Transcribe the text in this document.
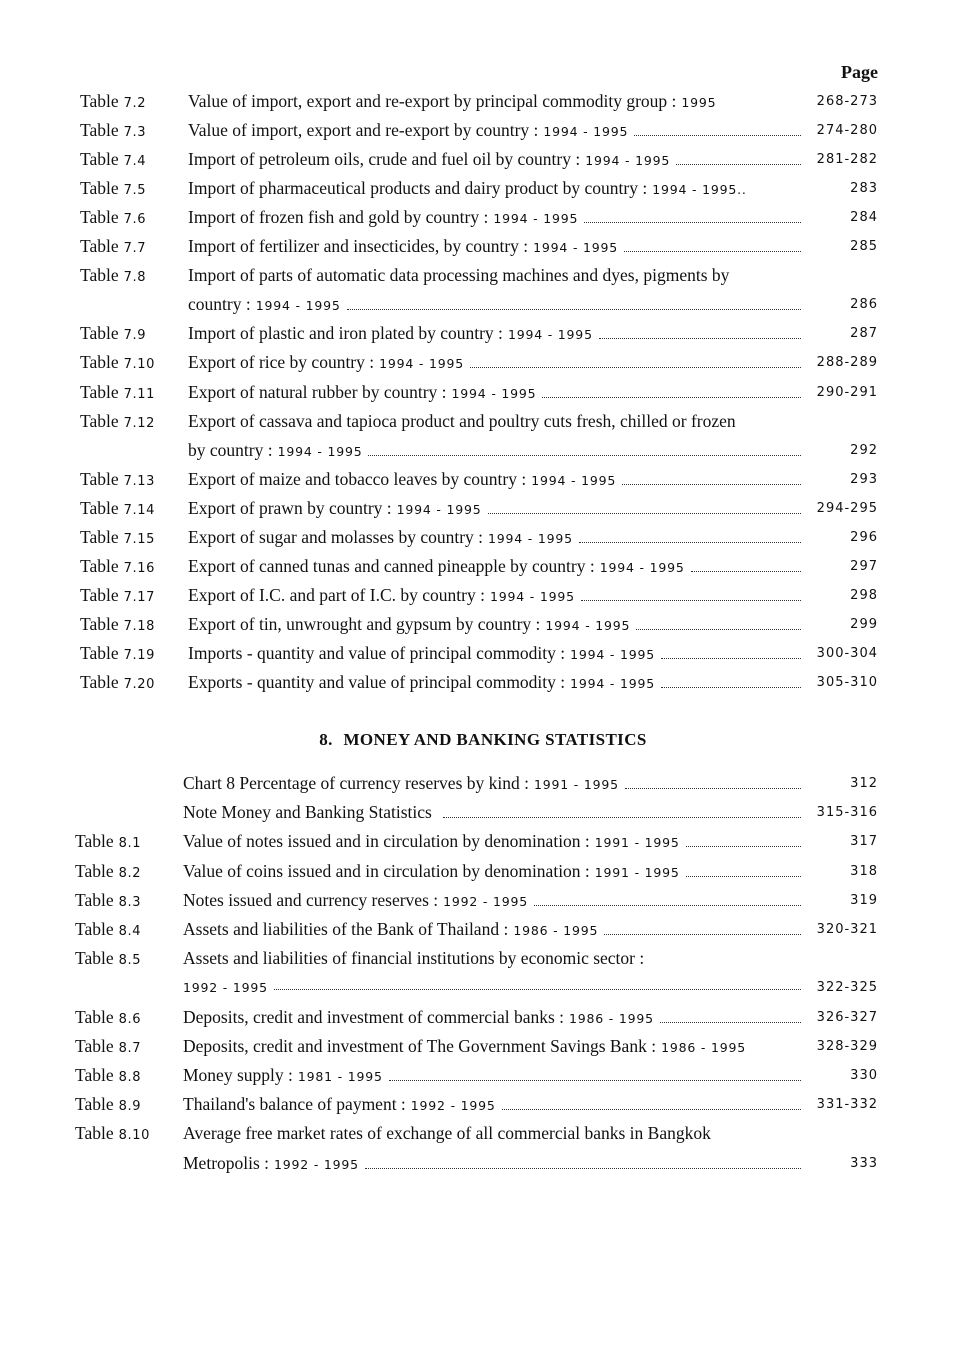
Page
Table 7.2	Value of import, export and re-export by principal commodity group : 1995	268-273
Table 7.3	Value of import, export and re-export by country : 1994 - 1995	274-280
Table 7.4	Import of petroleum oils, crude and fuel oil by country : 1994 - 1995	281-282
Table 7.5	Import of pharmaceutical products and dairy product by country : 1994 - 1995..	283
Table 7.6	Import of frozen fish and gold by country : 1994 - 1995	284
Table 7.7	Import of fertilizer and insecticides, by country : 1994 - 1995	285
Table 7.8	Import of parts of automatic data processing machines and dyes, pigments by
country : 1994 - 1995	286
Table 7.9	Import of plastic and iron plated by country : 1994 - 1995	287
Table 7.10	Export of rice by country : 1994 - 1995	288-289
Table 7.11	Export of natural rubber by country : 1994 - 1995	290-291
Table 7.12	Export of cassava and tapioca product and poultry cuts fresh, chilled or frozen
by country : 1994 - 1995	292
Table 7.13	Export of maize and tobacco leaves by country : 1994 - 1995	293
Table 7.14	Export of prawn by country : 1994 - 1995	294-295
Table 7.15	Export of sugar and molasses by country : 1994 - 1995	296
Table 7.16	Export of canned tunas and canned pineapple by country : 1994 - 1995	297
Table 7.17	Export of I.C. and part of I.C. by country : 1994 - 1995	298
Table 7.18	Export of tin, unwrought and gypsum by country : 1994 - 1995	299
Table 7.19	Imports - quantity and value of principal commodity : 1994 - 1995	300-304
Table 7.20	Exports - quantity and value of principal commodity : 1994 - 1995	305-310
Chart 8 Percentage of currency reserves by kind : 1991 - 1995	312
Note Money and Banking Statistics	315-316
Table 8.1	Value of notes issued and in circulation by denomination : 1991 - 1995	317
Table 8.2	Value of coins issued and in circulation by denomination : 1991 - 1995	318
Table 8.3	Notes issued and currency reserves : 1992 - 1995	319
Table 8.4	Assets and liabilities of the Bank of Thailand : 1986 - 1995	320-321
Table 8.5	Assets and liabilities of financial institutions by economic sector :
1992 - 1995	322-325
Table 8.6	Deposits, credit and investment of commercial banks : 1986 - 1995	326-327
Table 8.7	Deposits, credit and investment of The Government Savings Bank : 1986 - 1995	328-329
Table 8.8	Money supply : 1981 - 1995	330
Table 8.9	Thailand's balance of payment : 1992 - 1995	331-332
Table 8.10	Average free market rates of exchange of all commercial banks in Bangkok
Metropolis : 1992 - 1995	333
8. MONEY AND BANKING STATISTICS
